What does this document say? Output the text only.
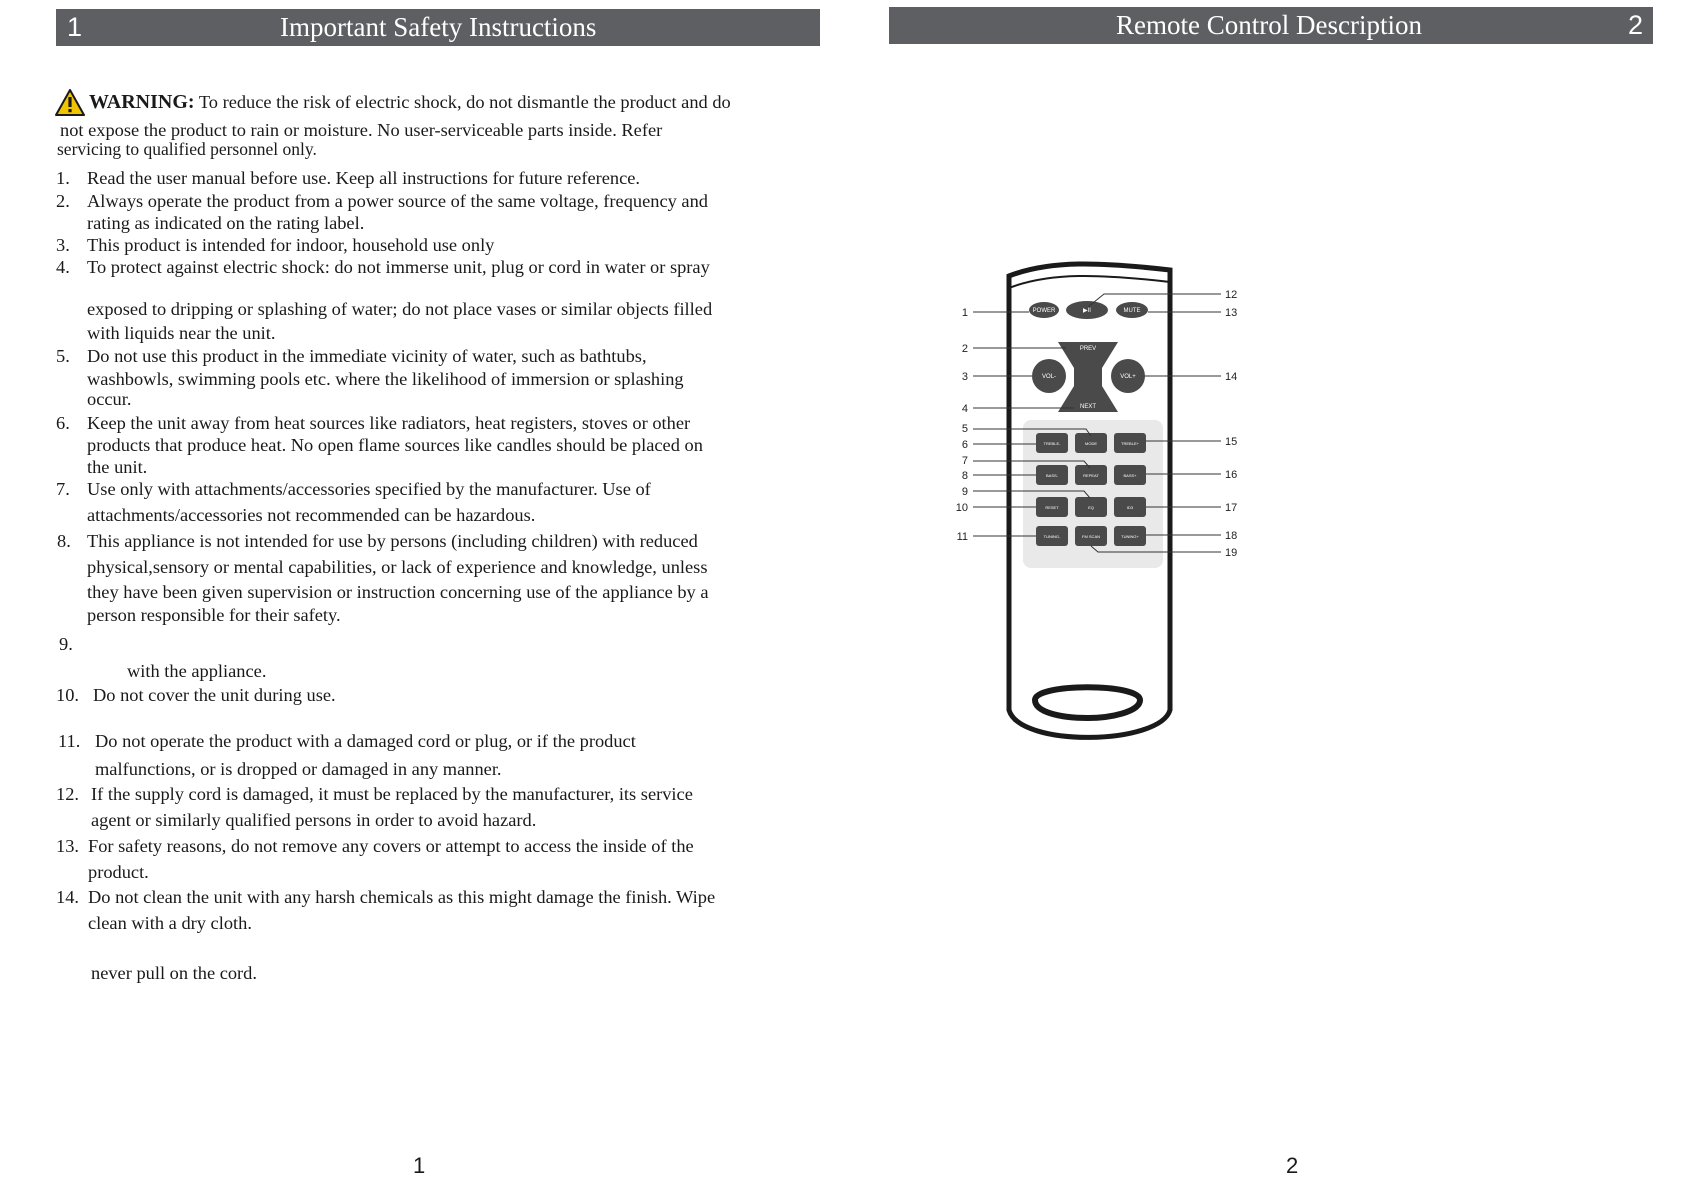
1	Important Safety Instructions
WARNING: To reduce the risk of electric shock, do not dismantle the product and do
not expose the product to rain or moisture. No user-serviceable parts inside. Refer
servicing to qualified personnel only.
1. Read the user manual before use. Keep all instructions for future reference.
2. Always operate the product from a power source of the same voltage, frequency and
rating as indicated on the rating label.
3. This product is intended for indoor, household use only
4. To protect against electric shock: do not immerse unit, plug or cord in water or spray
exposed to dripping or splashing of water; do not place vases or similar objects filled
with liquids near the unit.
5. Do not use this product in the immediate vicinity of water, such as bathtubs,
washbowls, swimming pools etc. where the likelihood of immersion or splashing
occur.
6. Keep the unit away from heat sources like radiators, heat registers, stoves or other
products that produce heat. No open flame sources like candles should be placed on
the unit.
7. Use only with attachments/accessories specified by the manufacturer. Use of
attachments/accessories not recommended can be hazardous.
8. This appliance is not intended for use by persons (including children) with reduced
physical,sensory or mental capabilities, or lack of experience and knowledge, unless
they have been given supervision or instruction concerning use of the appliance by a
person responsible for their safety.
9.
with the appliance.
10. Do not cover the unit during use.
11. Do not operate the product with a damaged cord or plug, or if the product
malfunctions, or is dropped or damaged in any manner.
12. If the supply cord is damaged, it must be replaced by the manufacturer, its service
agent or similarly qualified persons in order to avoid hazard.
13. For safety reasons, do not remove any covers or attempt to access the inside of the
product.
14. Do not clean the unit with any harsh chemicals as this might damage the finish. Wipe
clean with a dry cloth.
never pull on the cord.
1
Remote Control Description	2
POWER	▶II	MUTE
PREV
NEXT
VOL-	VOL+
TREBLE-	MODE	TREBLE+
BASS-	REPEAT	BASS+
RESET	EQ	ID3
TUNING-	FM SCAN	TUNING+
1
2
3
4
5
6
7
8
9
10
11
12
13
14
15
16
17
18
19
2
